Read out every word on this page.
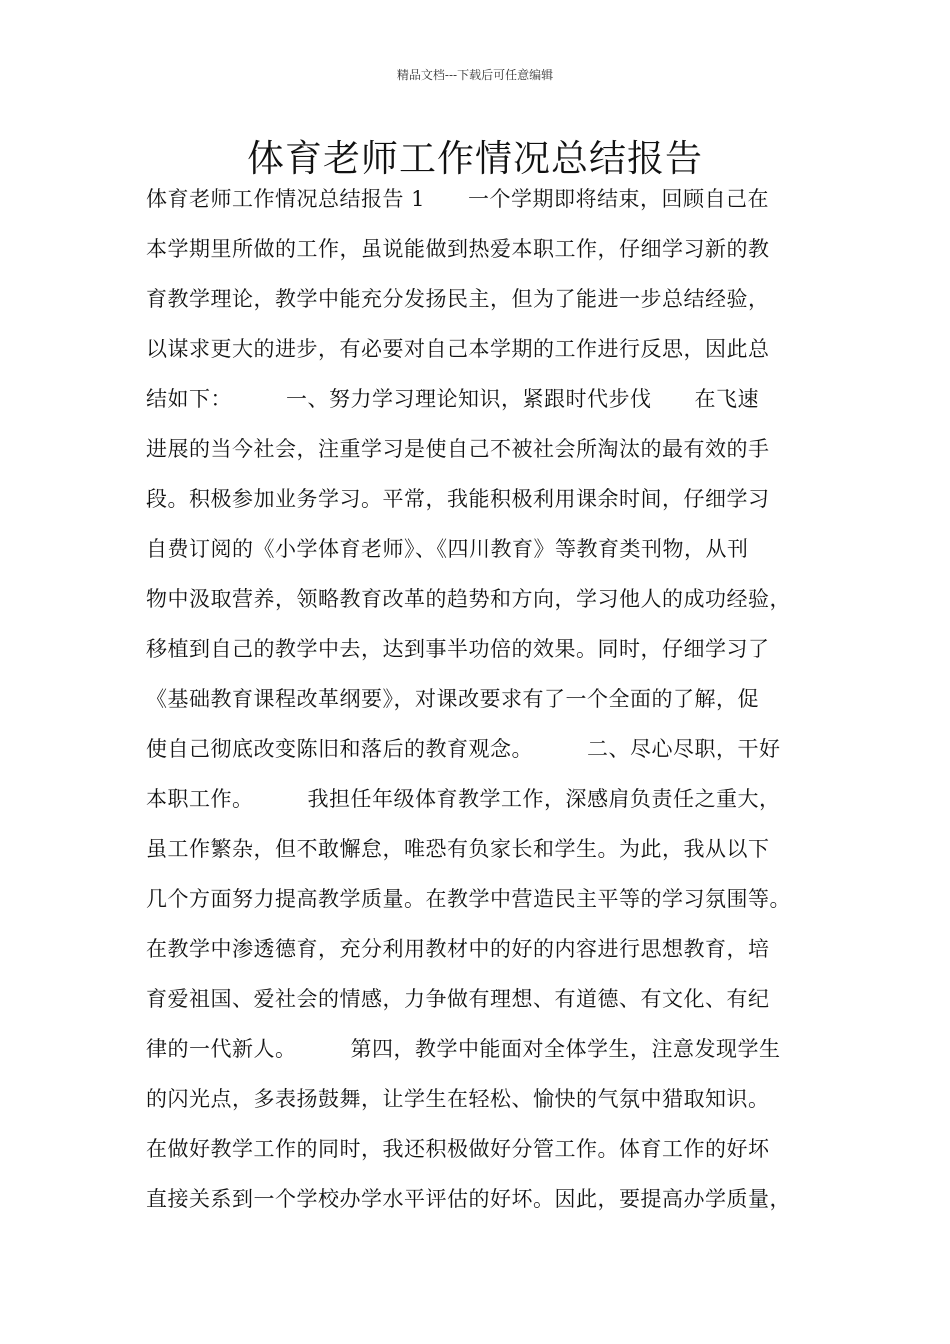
精品文档---下载后可任意编辑
体育老师工作情况总结报告
体育老师工作情况总结报告 1　　一个学期即将结束，回顾自己在
本学期里所做的工作，虽说能做到热爱本职工作，仔细学习新的教
育教学理论，教学中能充分发扬民主，但为了能进一步总结经验，
以谋求更大的进步，有必要对自己本学期的工作进行反思，因此总
结如下：　　　一、努力学习理论知识，紧跟时代步伐　　在飞速
进展的当今社会，注重学习是使自己不被社会所淘汰的最有效的手
段。积极参加业务学习。平常，我能积极利用课余时间，仔细学习
自费订阅的《小学体育老师》、《四川教育》等教育类刊物，从刊
物中汲取营养，领略教育改革的趋势和方向，学习他人的成功经验，
移植到自己的教学中去，达到事半功倍的效果。同时，仔细学习了
《基础教育课程改革纲要》，对课改要求有了一个全面的了解，促
使自己彻底改变陈旧和落后的教育观念。　　　二、尽心尽职，干好
本职工作。　　　我担任年级体育教学工作，深感肩负责任之重大，
虽工作繁杂，但不敢懈怠，唯恐有负家长和学生。为此，我从以下
几个方面努力提高教学质量。在教学中营造民主平等的学习氛围等。
在教学中渗透德育，充分利用教材中的好的内容进行思想教育，培
育爱祖国、爱社会的情感，力争做有理想、有道德、有文化、有纪
律的一代新人。　　　第四，教学中能面对全体学生，注意发现学生
的闪光点，多表扬鼓舞，让学生在轻松、愉快的气氛中猎取知识。
在做好教学工作的同时，我还积极做好分管工作。体育工作的好坏
直接关系到一个学校办学水平评估的好坏。因此，要提高办学质量，
